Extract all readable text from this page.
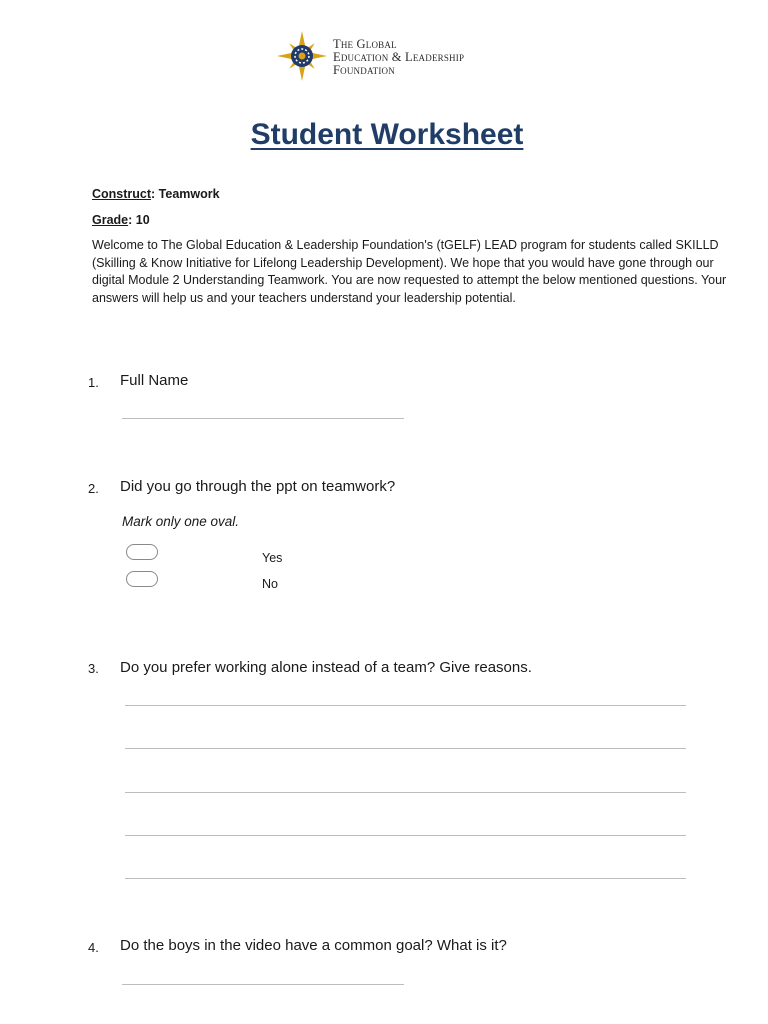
The Global
Education & Leadership
Foundation
Student Worksheet
Construct: Teamwork
Grade: 10
Welcome to The Global Education & Leadership Foundation's (tGELF) LEAD program for students called SKILLD (Skilling & Know Initiative for Lifelong Leadership Development). We hope that you would have gone through our digital Module 2 Understanding Teamwork. You are now requested to attempt the below mentioned questions. Your answers will help us and your teachers understand your leadership potential.
1. Full Name
2. Did you go through the ppt on teamwork?
Mark only one oval.
Yes
No
3. Do you prefer working alone instead of a team? Give reasons.
4. Do the boys in the video have a common goal? What is it?
